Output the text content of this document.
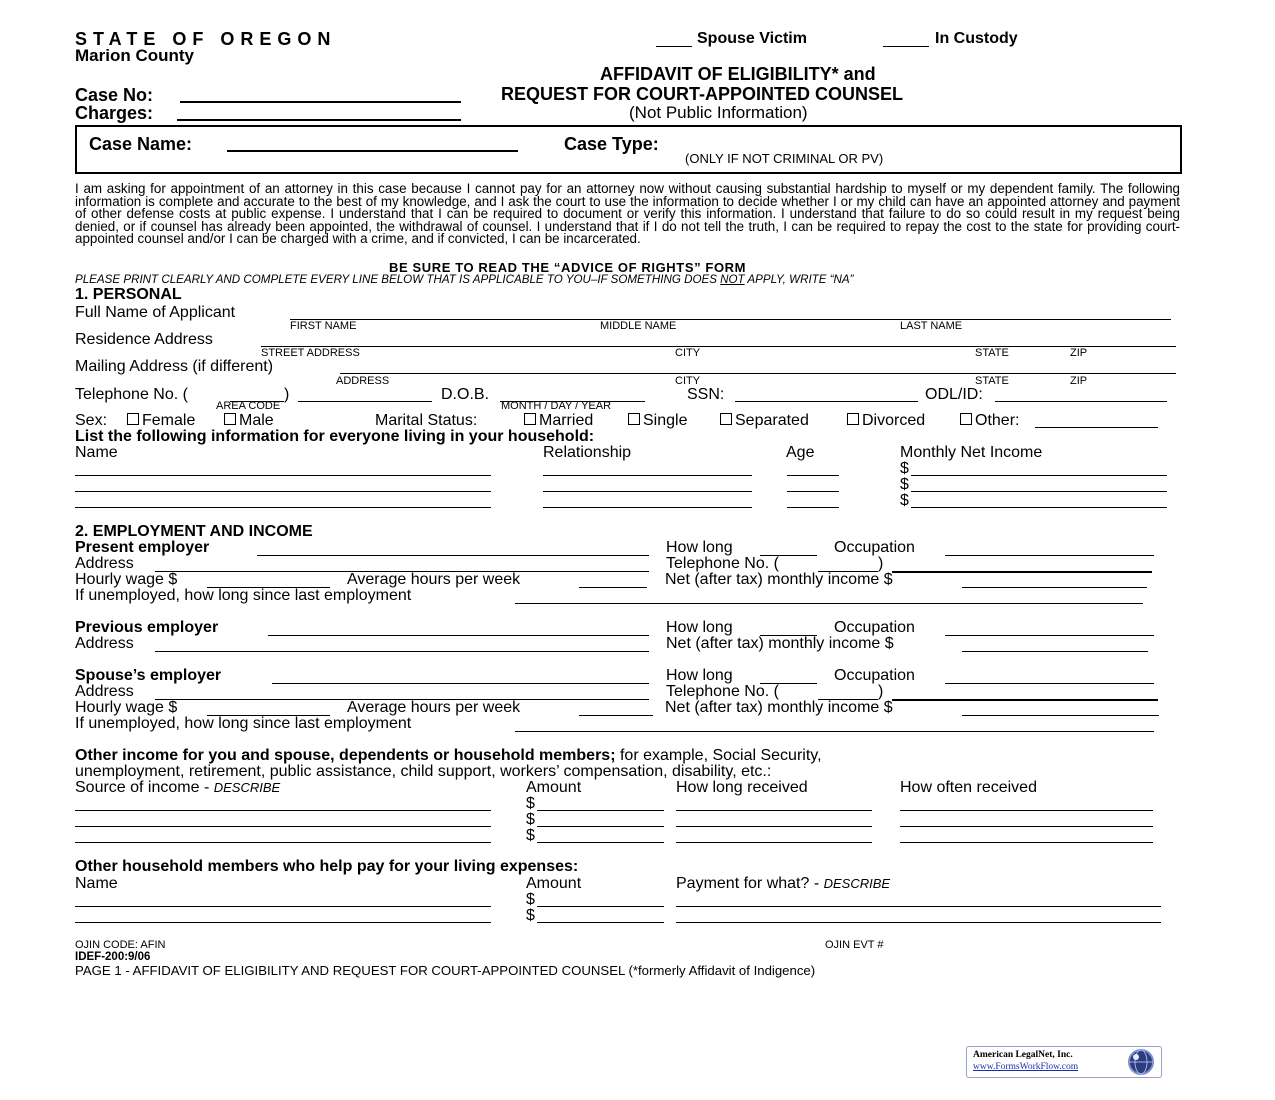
STATE OF OREGON
Marion County
Spouse Victim	In Custody
AFFIDAVIT OF ELIGIBILITY* and
REQUEST FOR COURT-APPOINTED COUNSEL
(Not Public Information)
Case No:
Charges:
Case Name:	Case Type:
(ONLY IF NOT CRIMINAL OR PV)
I am asking for appointment of an attorney in this case because I cannot pay for an attorney now without causing substantial hardship to myself or my dependent family. The following information is complete and accurate to the best of my knowledge, and I ask the court to use the information to decide whether I or my child can have an appointed attorney and payment of other defense costs at public expense. I understand that I can be required to document or verify this information. I understand that failure to do so could result in my request being denied, or if counsel has already been appointed, the withdrawal of counsel. I understand that if I do not tell the truth, I can be required to repay the cost to the state for providing court-appointed counsel and/or I can be charged with a crime, and if convicted, I can be incarcerated.
BE SURE TO READ THE “ADVICE OF RIGHTS” FORM
PLEASE PRINT CLEARLY AND COMPLETE EVERY LINE BELOW THAT IS APPLICABLE TO YOU–IF SOMETHING DOES NOT APPLY, WRITE “NA”
1. PERSONAL
Full Name of Applicant
FIRST NAME	MIDDLE NAME	LAST NAME
Residence Address
STREET ADDRESS	CITY	STATE	ZIP
Mailing Address (if different)
ADDRESS	CITY	STATE	ZIP
Telephone No. (	)
AREA CODE
D.O.B.
MONTH / DAY / YEAR
SSN:	ODL/ID:
Sex:	Female	Male	Marital Status:	Married	Single	Separated	Divorced	Other:
List the following information for everyone living in your household:
Name	Relationship	Age	Monthly Net Income
$
$
$
2. EMPLOYMENT AND INCOME
Present employer	How long	Occupation
Address	Telephone No. (	)
Hourly wage $	Average hours per week	Net (after tax) monthly income $
If unemployed, how long since last employment
Previous employer	How long	Occupation
Address	Net (after tax) monthly income $
Spouse’s employer	How long	Occupation
Address	Telephone No. (	)
Hourly wage $	Average hours per week	Net (after tax) monthly income $
If unemployed, how long since last employment
Other income for you and spouse, dependents or household members; for example, Social Security,
unemployment, retirement, public assistance, child support, workers’ compensation, disability, etc.:
Source of income - DESCRIBE	Amount	How long received	How often received
$
$
$
Other household members who help pay for your living expenses:
Name	Amount	Payment for what? - DESCRIBE
$
$
OJIN CODE: AFIN	OJIN EVT #
IDEF-200:9/06
PAGE 1 - AFFIDAVIT OF ELIGIBILITY AND REQUEST FOR COURT-APPOINTED COUNSEL (*formerly Affidavit of Indigence)
American LegalNet, Inc.
www.FormsWorkFlow.com
